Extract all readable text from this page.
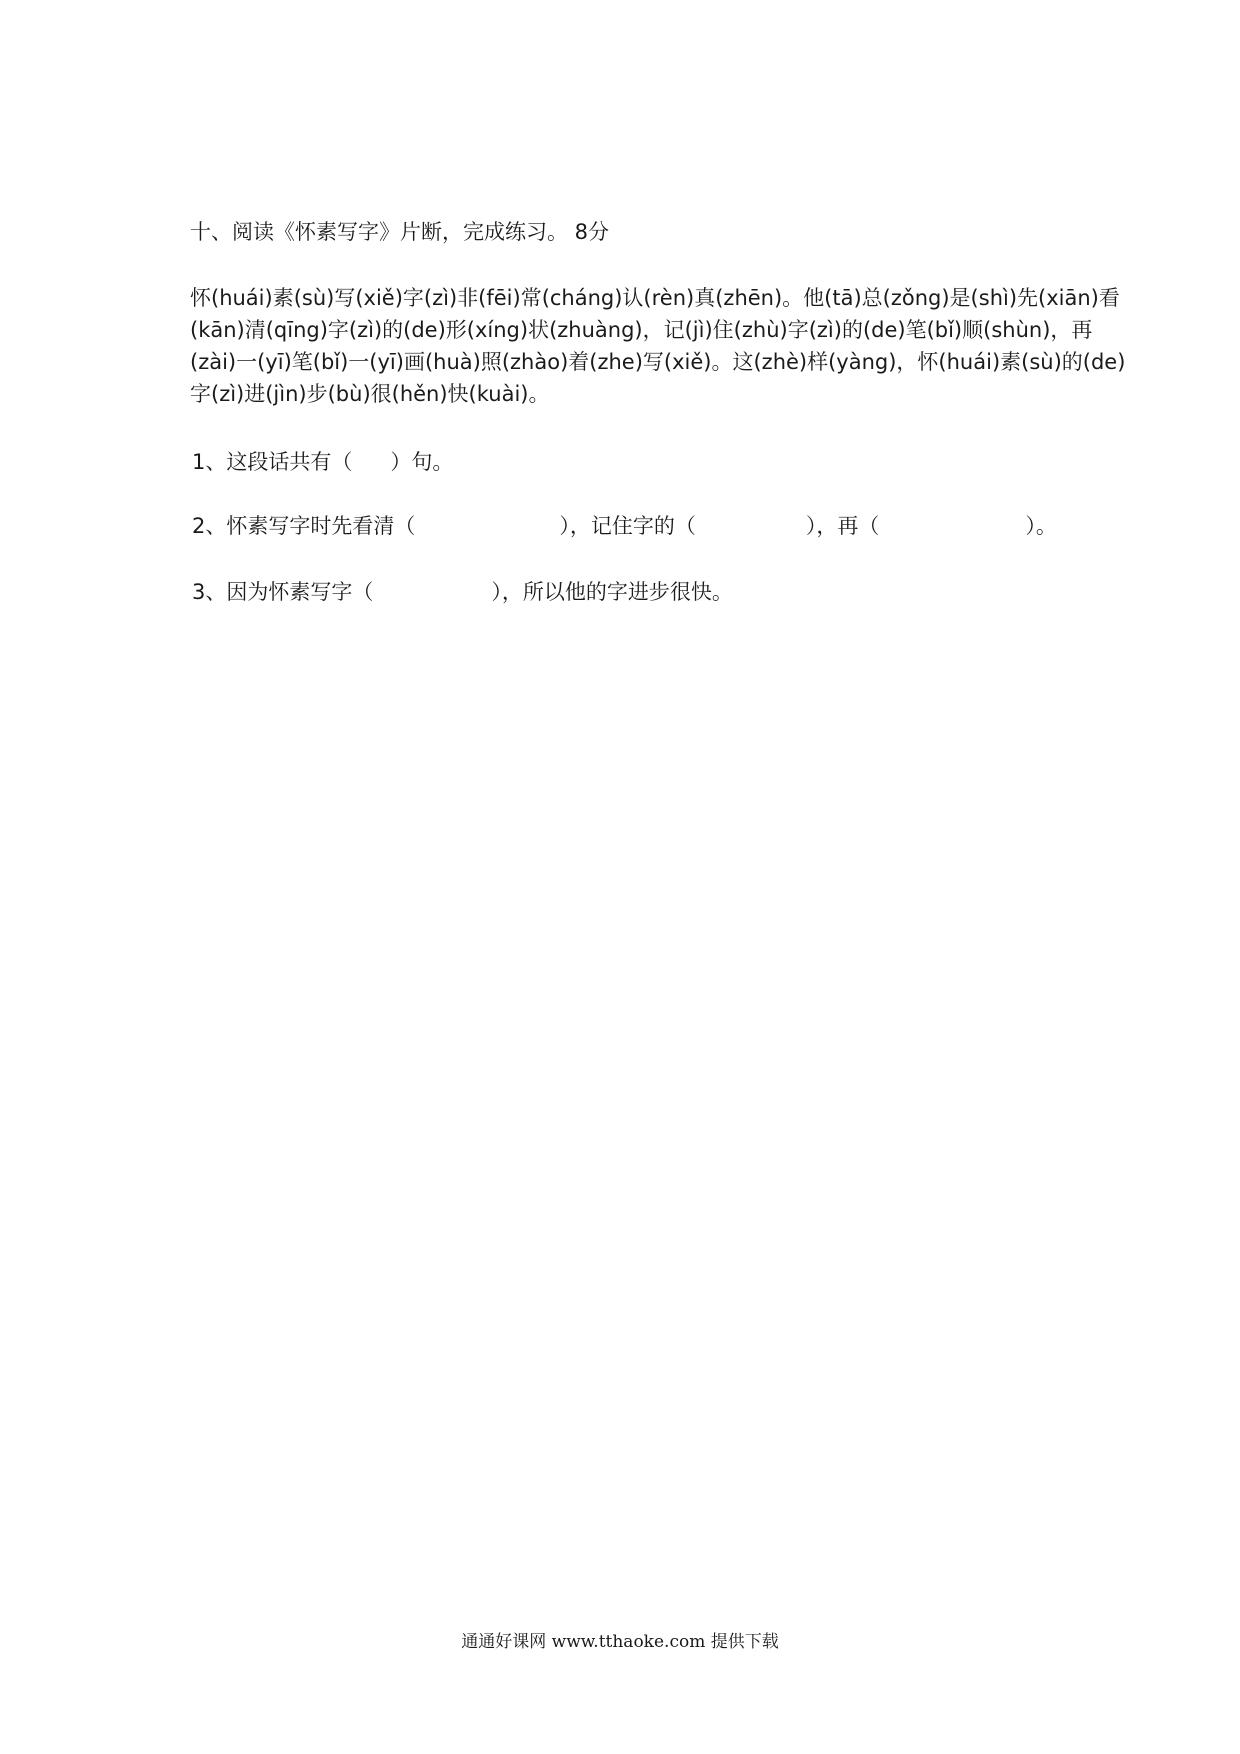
十、阅读《怀素写字》片断，完成练习。 8分
怀(huái)素(sù)写(xiě)字(zì)非(fēi)常(cháng)认(rèn)真(zhēn)。他(tā)总(zǒng)是(shì)先(xiān)看
(kān)清(qīng)字(zì)的(de)形(xíng)状(zhuàng)，记(jì)住(zhù)字(zì)的(de)笔(bǐ)顺(shùn)，再
(zài)一(yī)笔(bǐ)一(yī)画(huà)照(zhào)着(zhe)写(xiě)。这(zhè)样(yàng)，怀(huái)素(sù)的(de)
字(zì)进(jìn)步(bù)很(hěn)快(kuài)。
1、这段话共有（ ）句。
2、怀素写字时先看清（	），记住字的（	），再（	）。
3、因为怀素写字（	），所以他的字进步很快。
通通好课网 www.tthaoke.com 提供下载
